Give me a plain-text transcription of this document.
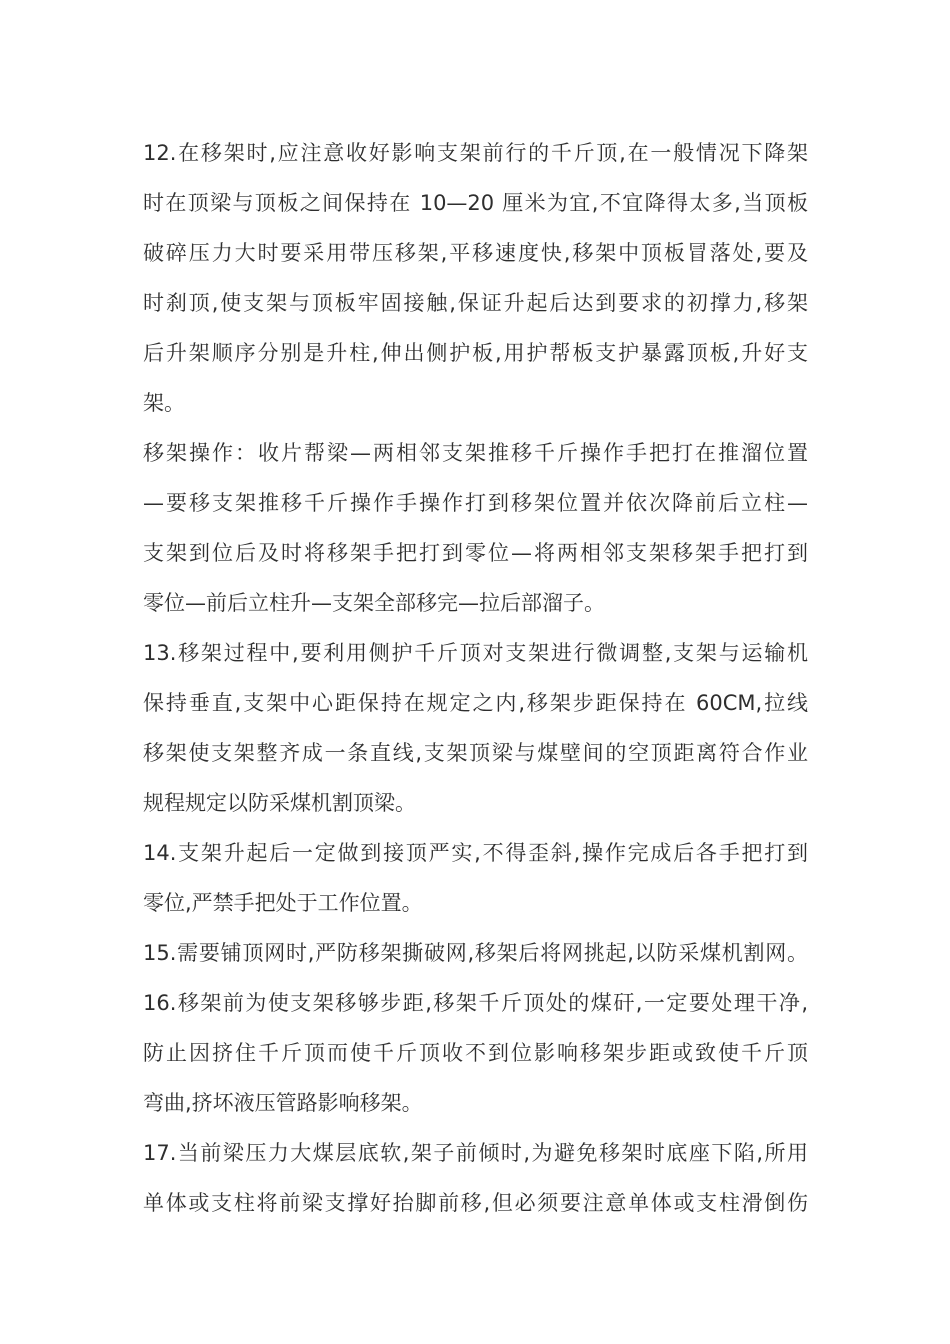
12.在移架时,应注意收好影响支架前行的千斤顶,在一般情况下降架
时在顶梁与顶板之间保持在 10—20 厘米为宜,不宜降得太多,当顶板
破碎压力大时要采用带压移架,平移速度快,移架中顶板冒落处,要及
时刹顶,使支架与顶板牢固接触,保证升起后达到要求的初撑力,移架
后升架顺序分别是升柱,伸出侧护板,用护帮板支护暴露顶板,升好支
架。
移架操作：收片帮梁—两相邻支架推移千斤操作手把打在推溜位置
—要移支架推移千斤操作手操作打到移架位置并依次降前后立柱—
支架到位后及时将移架手把打到零位—将两相邻支架移架手把打到
零位—前后立柱升—支架全部移完—拉后部溜子。
13.移架过程中,要利用侧护千斤顶对支架进行微调整,支架与运输机
保持垂直,支架中心距保持在规定之内,移架步距保持在 60CM,拉线
移架使支架整齐成一条直线,支架顶梁与煤壁间的空顶距离符合作业
规程规定以防采煤机割顶梁。
14.支架升起后一定做到接顶严实,不得歪斜,操作完成后各手把打到
零位,严禁手把处于工作位置。
15.需要铺顶网时,严防移架撕破网,移架后将网挑起,以防采煤机割网。
16.移架前为使支架移够步距,移架千斤顶处的煤矸,一定要处理干净,
防止因挤住千斤顶而使千斤顶收不到位影响移架步距或致使千斤顶
弯曲,挤坏液压管路影响移架。
17.当前梁压力大煤层底软,架子前倾时,为避免移架时底座下陷,所用
单体或支柱将前梁支撑好抬脚前移,但必须要注意单体或支柱滑倒伤
